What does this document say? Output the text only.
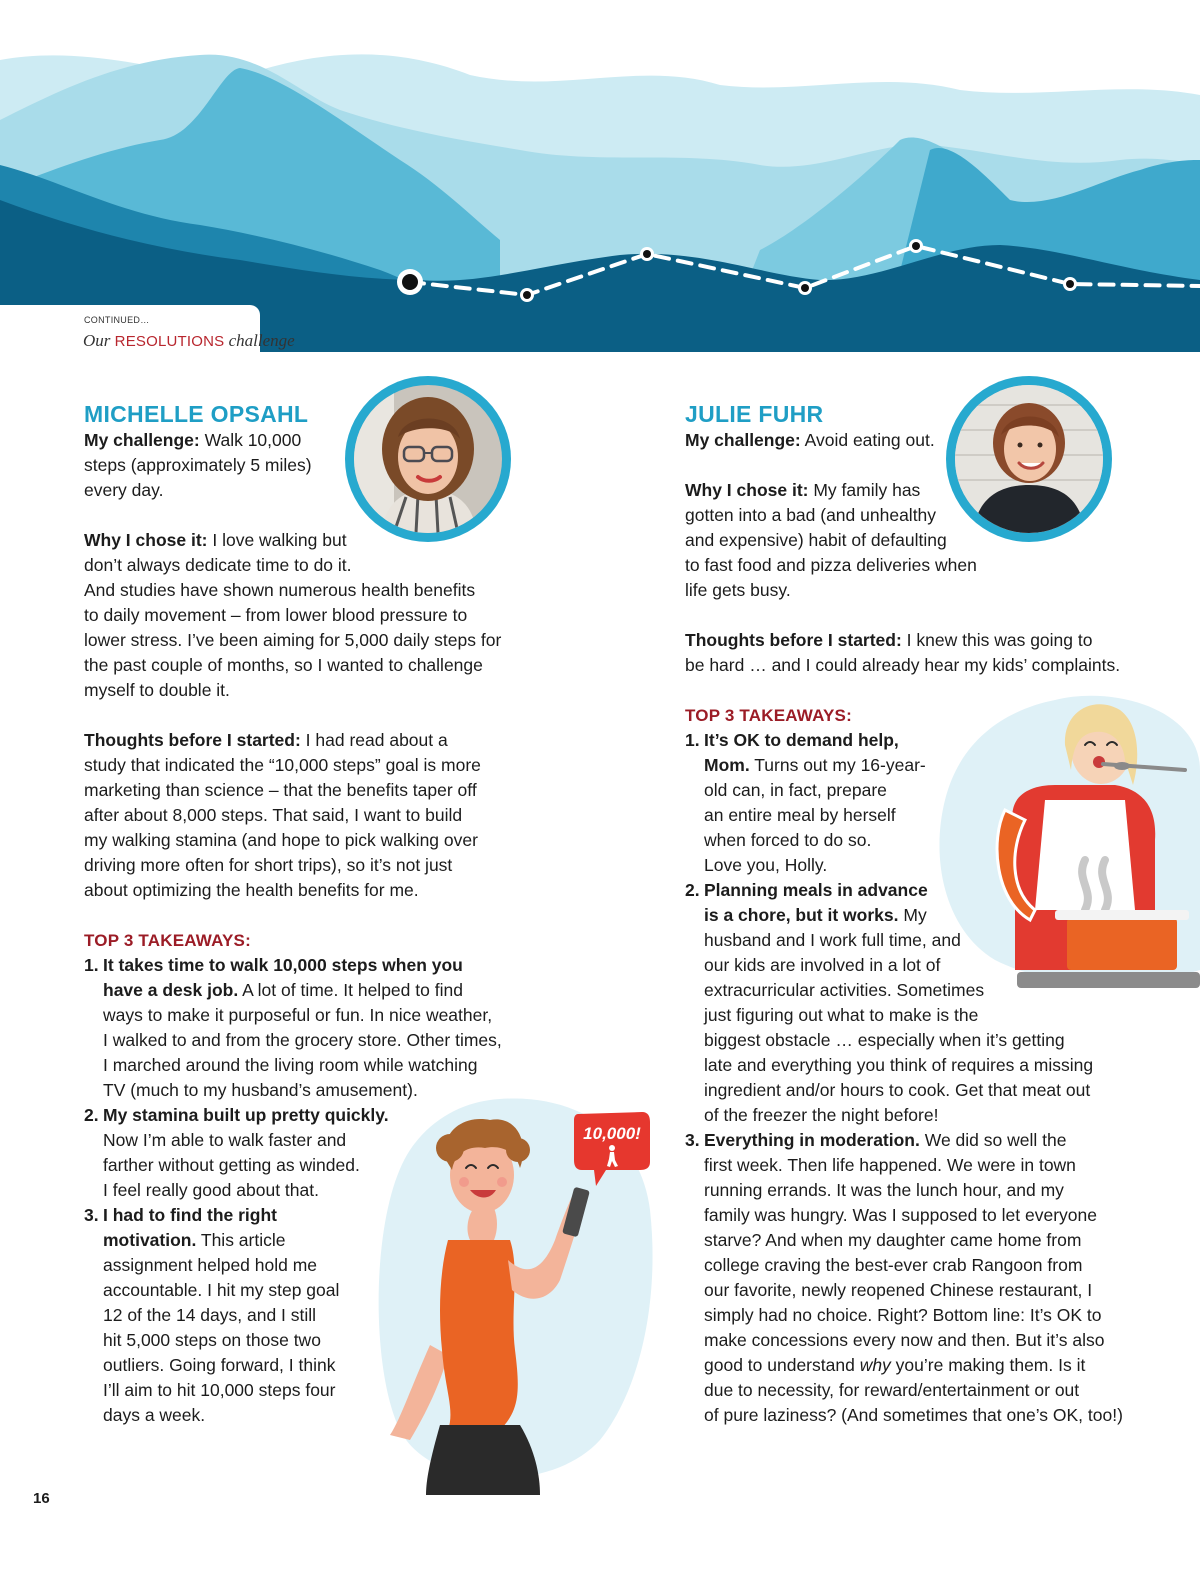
CONTINUED…
Our RESOLUTIONS challenge
MICHELLE OPSAHL
My challenge: Walk 10,000
steps (approximately 5 miles)
every day.
Why I chose it: I love walking but
don’t always dedicate time to do it.
And studies have shown numerous health benefits
to daily movement – from lower blood pressure to
lower stress. I’ve been aiming for 5,000 daily steps for
the past couple of months, so I wanted to challenge
myself to double it.
Thoughts before I started: I had read about a
study that indicated the “10,000 steps” goal is more
marketing than science – that the benefits taper off
after about 8,000 steps. That said, I want to build
my walking stamina (and hope to pick walking over
driving more often for short trips), so it’s not just
about optimizing the health benefits for me.
TOP 3 TAKEAWAYS:
1. It takes time to walk 10,000 steps when you
have a desk job. A lot of time. It helped to find
ways to make it purposeful or fun. In nice weather,
I walked to and from the grocery store. Other times,
I marched around the living room while watching
TV (much to my husband’s amusement).
2. My stamina built up pretty quickly.
Now I’m able to walk faster and
farther without getting as winded.
I feel really good about that.
3. I had to find the right
motivation. This article
assignment helped hold me
accountable. I hit my step goal
12 of the 14 days, and I still
hit 5,000 steps on those two
outliers. Going forward, I think
I’ll aim to hit 10,000 steps four
days a week.
10,000!
JULIE FUHR
My challenge: Avoid eating out.
Why I chose it: My family has
gotten into a bad (and unhealthy
and expensive) habit of defaulting
to fast food and pizza deliveries when
life gets busy.
Thoughts before I started: I knew this was going to
be hard … and I could already hear my kids’ complaints.
TOP 3 TAKEAWAYS:
1. It’s OK to demand help,
Mom. Turns out my 16-year-
old can, in fact, prepare
an entire meal by herself
when forced to do so.
Love you, Holly.
2. Planning meals in advance
is a chore, but it works. My
husband and I work full time, and
our kids are involved in a lot of
extracurricular activities. Sometimes
just figuring out what to make is the
biggest obstacle … especially when it’s getting
late and everything you think of requires a missing
ingredient and/or hours to cook. Get that meat out
of the freezer the night before!
3. Everything in moderation. We did so well the
first week. Then life happened. We were in town
running errands. It was the lunch hour, and my
family was hungry. Was I supposed to let everyone
starve? And when my daughter came home from
college craving the best-ever crab Rangoon from
our favorite, newly reopened Chinese restaurant, I
simply had no choice. Right? Bottom line: It’s OK to
make concessions every now and then. But it’s also
good to understand why you’re making them. Is it
due to necessity, for reward/entertainment or out
of pure laziness? (And sometimes that one’s OK, too!)
16
